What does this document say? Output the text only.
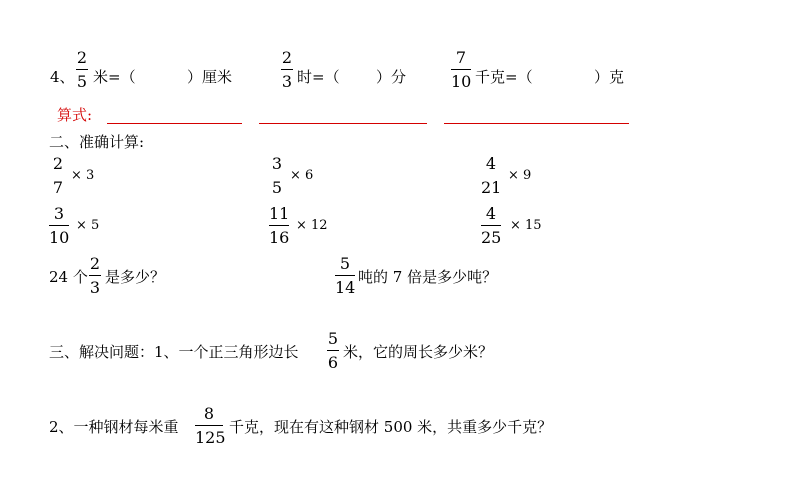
4、
2
5 米=（	）厘米
2
3 时=（ ）分
7
10 千克=（	）克
算式:
二、准确计算:
2
7
× 3
3
5
× 6
4
21
× 9
3
10
× 5
11
16
× 12
4
25
× 15
24 个
2
3
是多少？
5
14
吨的 7 倍是多少吨？
三、解决问题：1、一个正三角形边长
5
6
米，它的周长多少米？
2、一种钢材每米重
8
125
千克，现在有这种钢材 500 米，共重多少千克？
